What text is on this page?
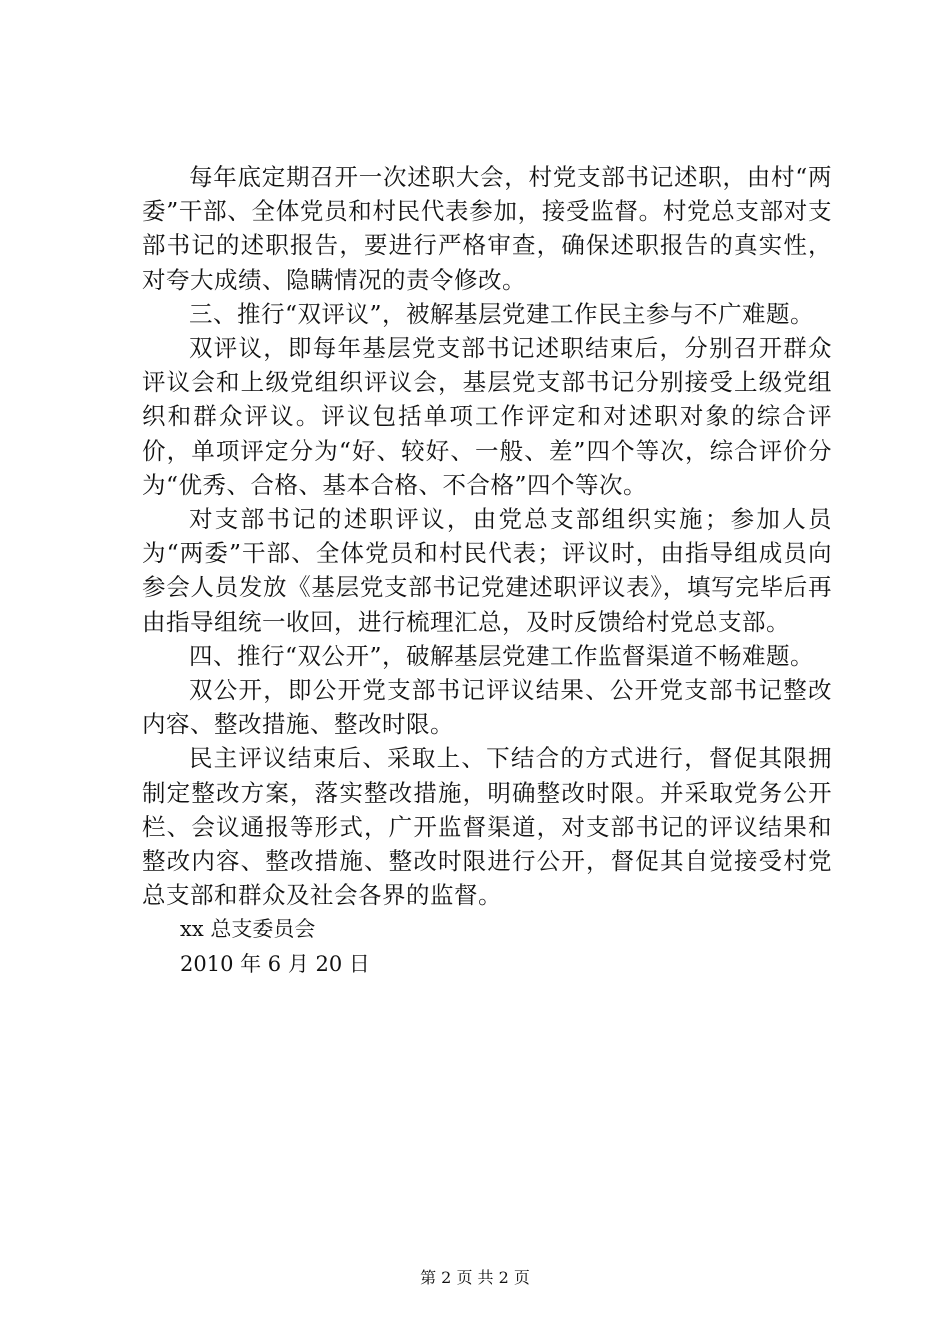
每年底定期召开一次述职大会，村党支部书记述职，由村“两委”干部、全体党员和村民代表参加，接受监督。村党总支部对支部书记的述职报告，要进行严格审查，确保述职报告的真实性，对夸大成绩、隐瞒情况的责令修改。

三、推行“双评议”，被解基层党建工作民主参与不广难题。

双评议，即每年基层党支部书记述职结束后，分别召开群众评议会和上级党组织评议会，基层党支部书记分别接受上级党组织和群众评议。评议包括单项工作评定和对述职对象的综合评价，单项评定分为“好、较好、一般、差”四个等次，综合评价分为“优秀、合格、基本合格、不合格”四个等次。

对支部书记的述职评议，由党总支部组织实施；参加人员为“两委”干部、全体党员和村民代表；评议时，由指导组成员向参会人员发放《基层党支部书记党建述职评议表》，填写完毕后再由指导组统一收回，进行梳理汇总，及时反馈给村党总支部。

四、推行“双公开”，破解基层党建工作监督渠道不畅难题。

双公开，即公开党支部书记评议结果、公开党支部书记整改内容、整改措施、整改时限。

民主评议结束后、采取上、下结合的方式进行，督促其限拥制定整改方案，落实整改措施，明确整改时限。并采取党务公开栏、会议通报等形式，广开监督渠道，对支部书记的评议结果和整改内容、整改措施、整改时限进行公开，督促其自觉接受村党总支部和群众及社会各界的监督。

xx 总支委员会

2010 年 6 月 20 日

第 2 页 共 2 页
